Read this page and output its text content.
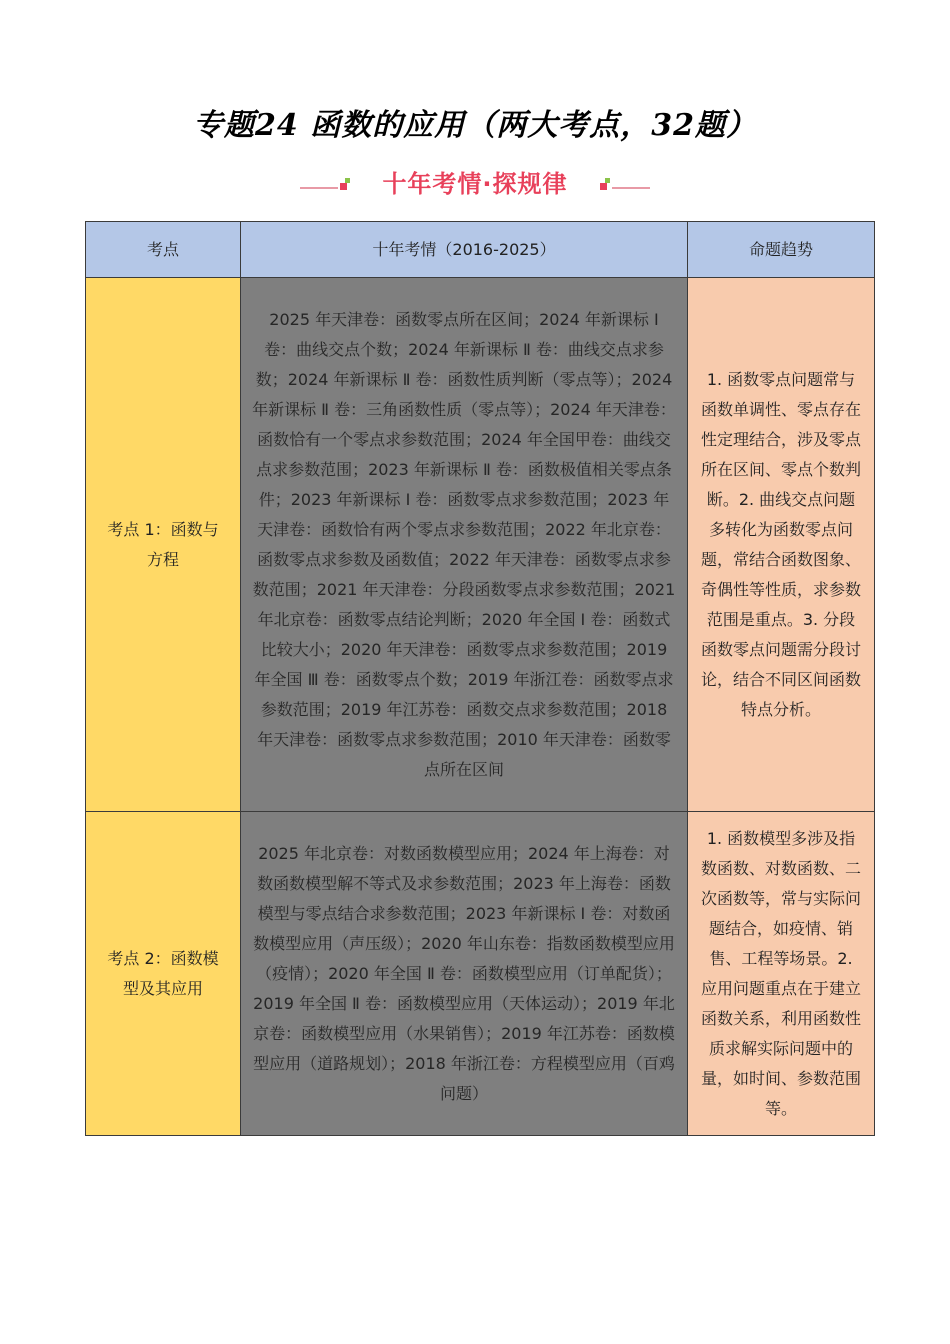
专题24 函数的应用（两大考点，32题）
十年考情·探规律
考点	十年考情（2016-2025）	命题趋势
考点 1：函数与方程	2025 年天津卷：函数零点所在区间；2024 年新课标 Ⅰ 卷：曲线交点个数；2024 年新课标 Ⅱ 卷：曲线交点求参数；2024 年新课标 Ⅱ 卷：函数性质判断（零点等）；2024 年新课标 Ⅱ 卷：三角函数性质（零点等）；2024 年天津卷：函数恰有一个零点求参数范围；2024 年全国甲卷：曲线交点求参数范围；2023 年新课标 Ⅱ 卷：函数极值相关零点条件；2023 年新课标 Ⅰ 卷：函数零点求参数范围；2023 年天津卷：函数恰有两个零点求参数范围；2022 年北京卷：函数零点求参数及函数值；2022 年天津卷：函数零点求参数范围；2021 年天津卷：分段函数零点求参数范围；2021 年北京卷：函数零点结论判断；2020 年全国 Ⅰ 卷：函数式比较大小；2020 年天津卷：函数零点求参数范围；2019 年全国 Ⅲ 卷：函数零点个数；2019 年浙江卷：函数零点求参数范围；2019 年江苏卷：函数交点求参数范围；2018 年天津卷：函数零点求参数范围；2010 年天津卷：函数零点所在区间	1. 函数零点问题常与函数单调性、零点存在性定理结合，涉及零点所在区间、零点个数判断。2. 曲线交点问题多转化为函数零点问题，常结合函数图象、奇偶性等性质，求参数范围是重点。3. 分段函数零点问题需分段讨论，结合不同区间函数特点分析。
考点 2：函数模型及其应用	2025 年北京卷：对数函数模型应用；2024 年上海卷：对数函数模型解不等式及求参数范围；2023 年上海卷：函数模型与零点结合求参数范围；2023 年新课标 Ⅰ 卷：对数函数模型应用（声压级）；2020 年山东卷：指数函数模型应用（疫情）；2020 年全国 Ⅱ 卷：函数模型应用（订单配货）；2019 年全国 Ⅱ 卷：函数模型应用（天体运动）；2019 年北京卷：函数模型应用（水果销售）；2019 年江苏卷：函数模型应用（道路规划）；2018 年浙江卷：方程模型应用（百鸡问题）	1. 函数模型多涉及指数函数、对数函数、二次函数等，常与实际问题结合，如疫情、销售、工程等场景。2. 应用问题重点在于建立函数关系，利用函数性质求解实际问题中的量，如时间、参数范围等。
